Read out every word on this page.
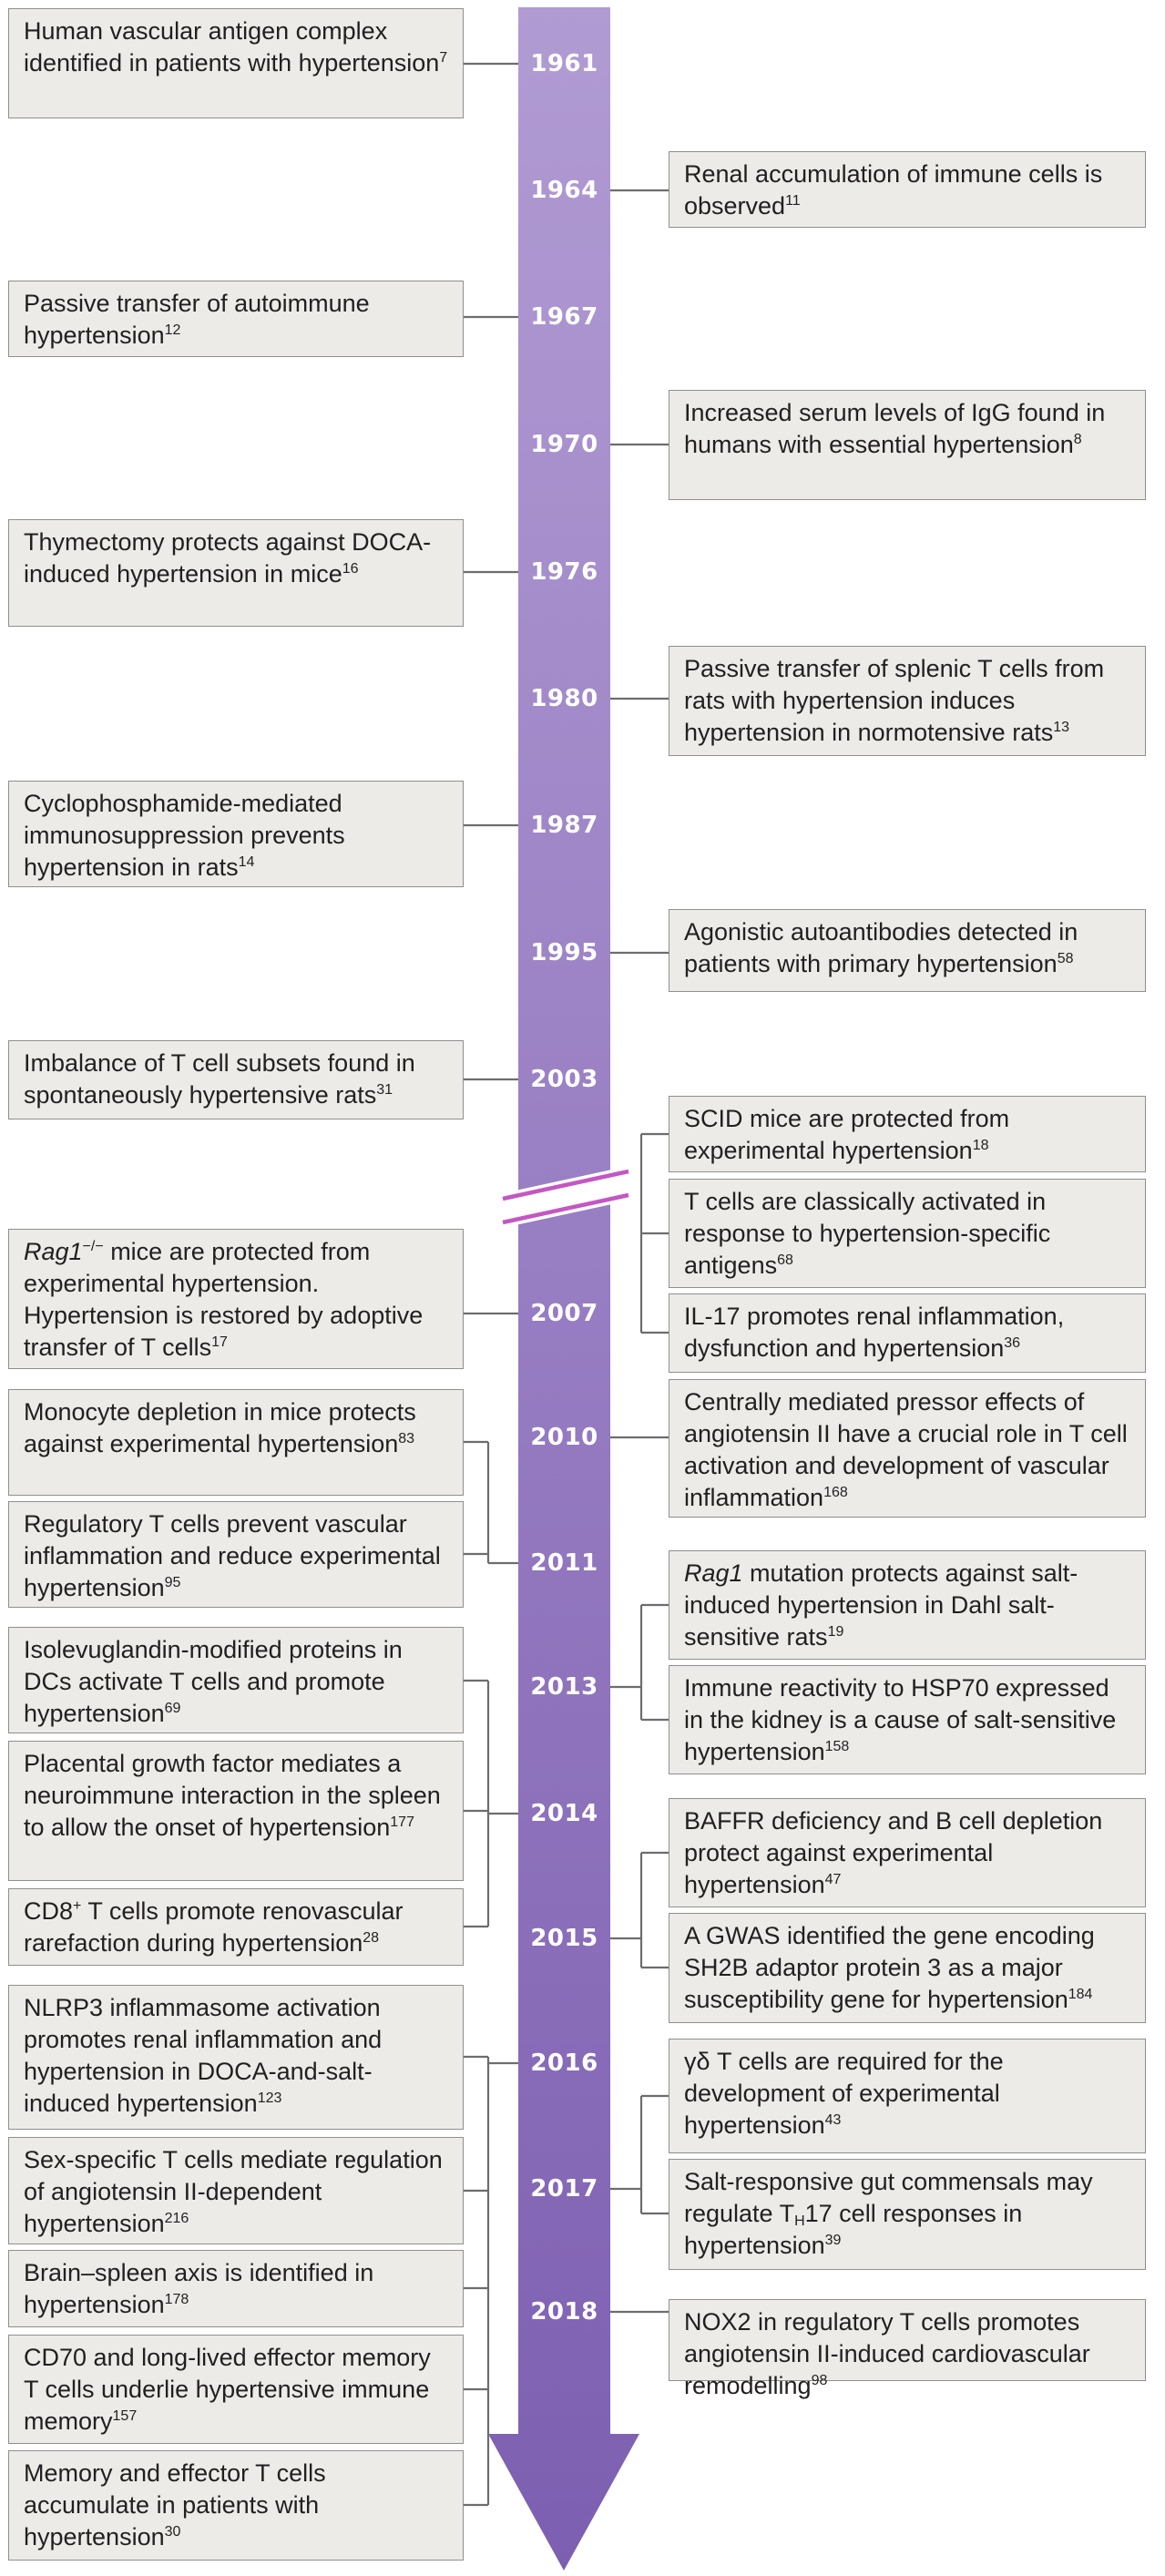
1961
1964
1967
1970
1976
1980
1987
1995
2003
2007
2010
2011
2013
2014
2015
2016
2017
2018
Human vascular antigen complex identified in patients with hypertension$^7$
Renal accumulation of immune cells is observed$^{11}$
Passive transfer of autoimmune hypertension$^{12}$
Increased serum levels of IgG found in humans with essential hypertension$^8$
Thymectomy protects against DOCA-induced hypertension in mice$^{16}$
Passive transfer of splenic T cells from rats with hypertension induces hypertension in normotensive rats$^{13}$
Cyclophosphamide-mediated immunosuppression prevents hypertension in rats$^{14}$
Agonistic autoantibodies detected in patients with primary hypertension$^{58}$
Imbalance of T cell subsets found in spontaneously hypertensive rats$^{31}$
SCID mice are protected from experimental hypertension$^{18}$
T cells are classically activated in response to hypertension-specific antigens$^{68}$
IL-17 promotes renal inflammation, dysfunction and hypertension$^{36}$
Rag1−/− mice are protected from experimental hypertension. Hypertension is restored by adoptive transfer of T cells$^{17}$
Centrally mediated pressor effects of angiotensin II have a crucial role in T cell activation and development of vascular inflammation$^{168}$
Monocyte depletion in mice protects against experimental hypertension$^{83}$
Regulatory T cells prevent vascular inflammation and reduce experimental hypertension$^{95}$	Rag1 mutation protects against salt-induced hypertension in Dahl salt-sensitive rats$^{19}$
Immune reactivity to HSP70 expressed in the kidney is a cause of salt-sensitive hypertension$^{158}$
Isolevuglandin-modified proteins in DCs activate T cells and promote hypertension$^{69}$
Placental growth factor mediates a neuroimmune interaction in the spleen to allow the onset of hypertension$^{177}$
CD8+ T cells promote renovascular rarefaction during hypertension$^{28}$
BAFFR deficiency and B cell depletion protect against experimental hypertension$^{47}$
A GWAS identified the gene encoding SH2B adaptor protein 3 as a major susceptibility gene for hypertension$^{184}$
NLRP3 inflammasome activation promotes renal inflammation and hypertension in DOCA-and-salt-induced hypertension$^{123}$
Sex-specific T cells mediate regulation of angiotensin II-dependent hypertension$^{216}$
Brain–spleen axis is identified in hypertension$^{178}$
CD70 and long-lived effector memory T cells underlie hypertensive immune memory$^{157}$
Memory and effector T cells accumulate in patients with hypertension$^{30}$
γδ T cells are required for the development of experimental hypertension$^{43}$
Salt-responsive gut commensals may regulate $T_H17$ cell responses in hypertension$^{39}$
NOX2 in regulatory T cells promotes angiotensin II-induced cardiovascular remodelling$^{98}$
